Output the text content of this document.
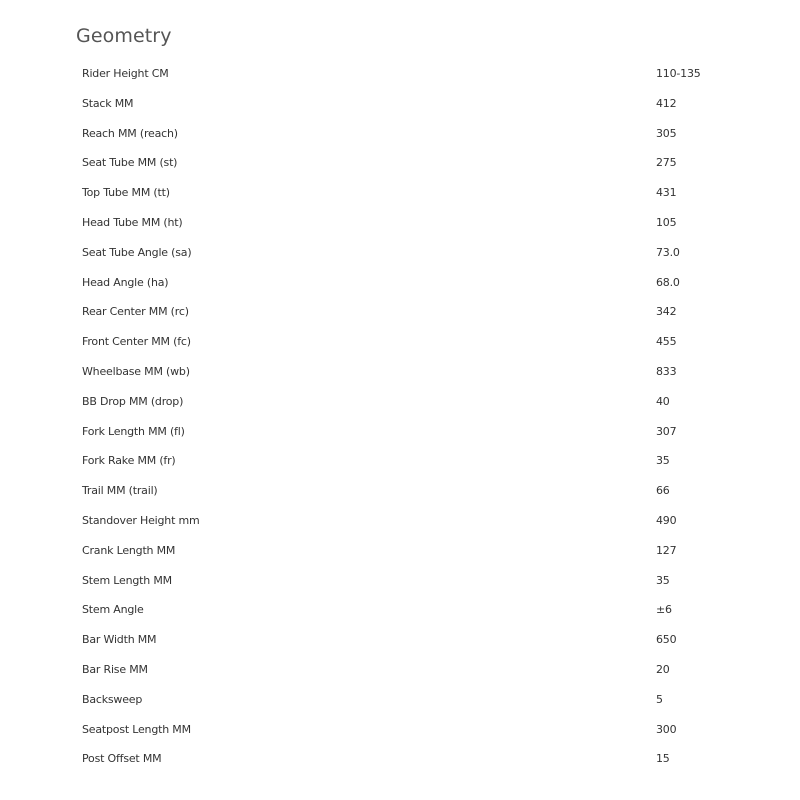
Geometry
Rider Height CM	110-135
Stack MM	412
Reach MM (reach)	305
Seat Tube MM (st)	275
Top Tube MM (tt)	431
Head Tube MM (ht)	105
Seat Tube Angle (sa)	73.0
Head Angle (ha)	68.0
Rear Center MM (rc)	342
Front Center MM (fc)	455
Wheelbase MM (wb)	833
BB Drop MM (drop)	40
Fork Length MM (fl)	307
Fork Rake MM (fr)	35
Trail MM (trail)	66
Standover Height mm	490
Crank Length MM	127
Stem Length MM	35
Stem Angle	±6
Bar Width MM	650
Bar Rise MM	20
Backsweep	5
Seatpost Length MM	300
Post Offset MM	15
